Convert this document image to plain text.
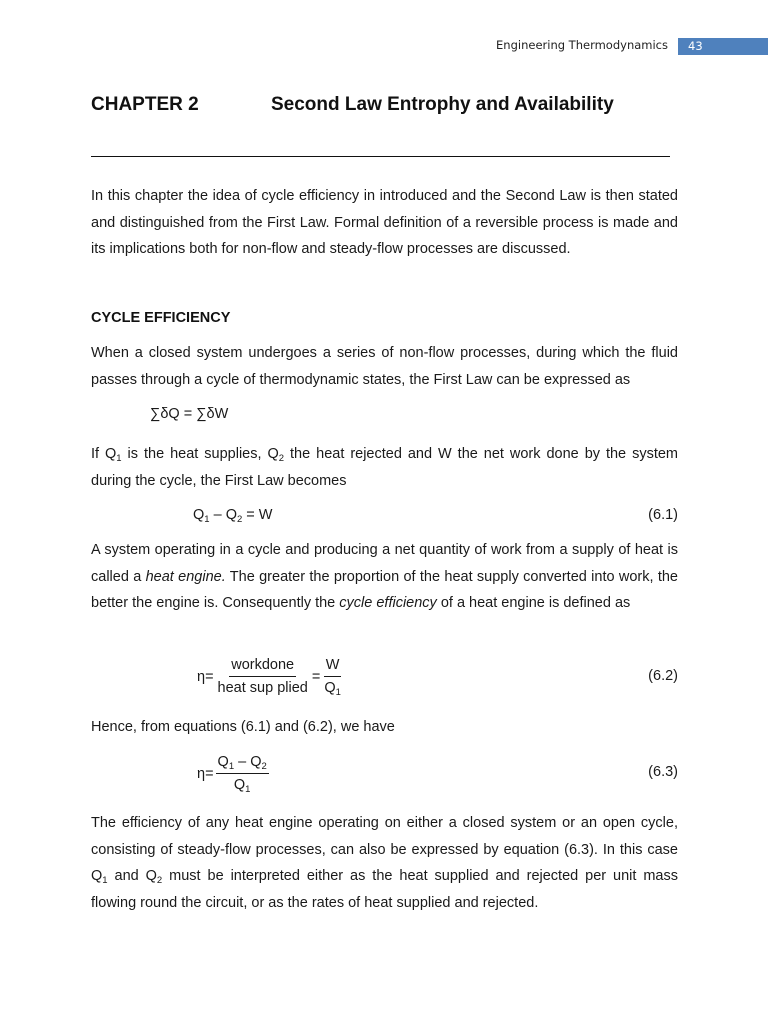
Engineering Thermodynamics	43
CHAPTER 2	Second Law Entrophy and Availability
In this chapter the idea of cycle efficiency in introduced and the Second Law is then stated and distinguished from the First Law. Formal definition of a reversible process is made and its implications both for non-flow and steady-flow processes are discussed.
CYCLE EFFICIENCY
When a closed system undergoes a series of non-flow processes, during which the fluid passes through a cycle of thermodynamic states, the First Law can be expressed as
∑δQ = ∑δW
If $Q_1$ is the heat supplies, $Q_2$ the heat rejected and W the net work done by the system during the cycle, the First Law becomes
$Q_1 - Q_2 = W$	(6.1)
A system operating in a cycle and producing a net quantity of work from a supply of heat is called a heat engine. The greater the proportion of the heat supply converted into work, the better the engine is. Consequently the cycle efficiency of a heat engine is defined as
$\eta = \frac{\text{workdone}}{\text{heat sup plied}} = \frac{W}{Q_1}$	(6.2)
Hence, from equations (6.1) and (6.2), we have
$\eta = \frac{Q_1 - Q_2}{Q_1}$	(6.3)
The efficiency of any heat engine operating on either a closed system or an open cycle, consisting of steady-flow processes, can also be expressed by equation (6.3). In this case $Q_1$ and $Q_2$ must be interpreted either as the heat supplied and rejected per unit mass flowing round the circuit, or as the rates of heat supplied and rejected.
